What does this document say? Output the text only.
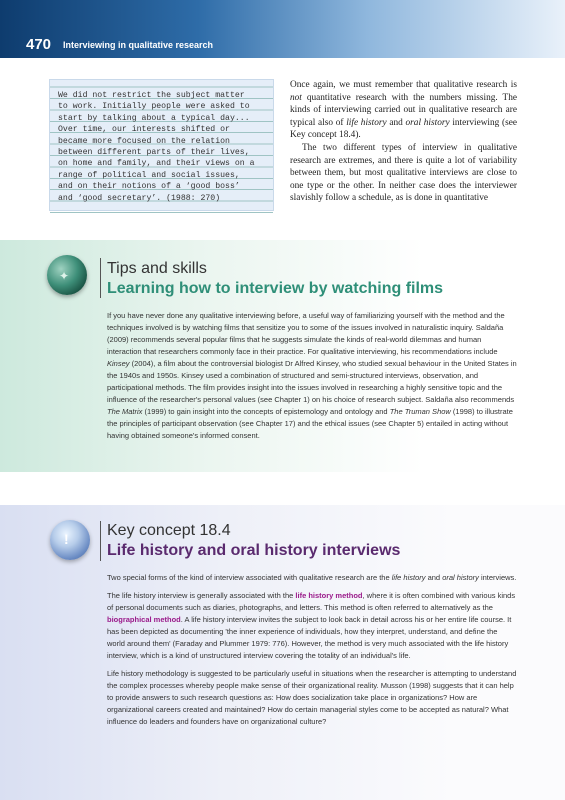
470 Interviewing in qualitative research
We did not restrict the subject matter
to work. Initially people were asked to
start by talking about a typical day...
Over time, our interests shifted or
became more focused on the relation
between different parts of their lives,
on home and family, and their views on a
range of political and social issues,
and on their notions of a ‘good boss’
and ‘good secretary’. (1988: 270)

Once again, we must remember that qualitative research is not quantitative research with the numbers missing. The kinds of interviewing carried out in qualitative research are typical also of life history and oral history interviewing (see Key concept 18.4).

The two different types of interview in qualitative research are extremes, and there is quite a lot of variability between them, but most qualitative interviews are close to one type or the other. In neither case does the interviewer slavishly follow a schedule, as is done in quantitative

✦ Tips and skills
Learning how to interview by watching films

If you have never done any qualitative interviewing before, a useful way of familiarizing yourself with the method and the techniques involved is by watching films that sensitize you to some of the issues involved in naturalistic inquiry. Saldaña (2009) recommends several popular films that he suggests simulate the kinds of real-world dilemmas and human interaction that researchers commonly face in their practice. For qualitative interviewing, his recommendations include Kinsey (2004), a film about the controversial biologist Dr Alfred Kinsey, who studied sexual behaviour in the United States in the 1940s and 1950s. Kinsey used a combination of structured and semi-structured interviews, observation, and participational methods. The film provides insight into the issues involved in researching a highly sensitive topic and the influence of the researcher's personal values (see Chapter 1) on his choice of research subject. Saldaña also recommends The Matrix (1999) to gain insight into the concepts of epistemology and ontology and The Truman Show (1998) to illustrate the principles of participant observation (see Chapter 17) and the ethical issues (see Chapter 5) entailed in acting without having obtained someone's informed consent.

! Key concept 18.4
Life history and oral history interviews

Two special forms of the kind of interview associated with qualitative research are the life history and oral history interviews.

The life history interview is generally associated with the life history method, where it is often combined with various kinds of personal documents such as diaries, photographs, and letters. This method is often referred to alternatively as the biographical method. A life history interview invites the subject to look back in detail across his or her entire life course. It has been depicted as documenting 'the inner experience of individuals, how they interpret, understand, and define the world around them' (Faraday and Plummer 1979: 776). However, the method is very much associated with the life history interview, which is a kind of unstructured interview covering the totality of an individual's life.

Life history methodology is suggested to be particularly useful in situations when the researcher is attempting to understand the complex processes whereby people make sense of their organizational reality. Musson (1998) suggests that it can help to provide answers to such research questions as: How does socialization take place in organizations? How are organizational careers created and maintained? How do certain managerial styles come to be accepted as natural? What influence do leaders and founders have on organizational culture?
